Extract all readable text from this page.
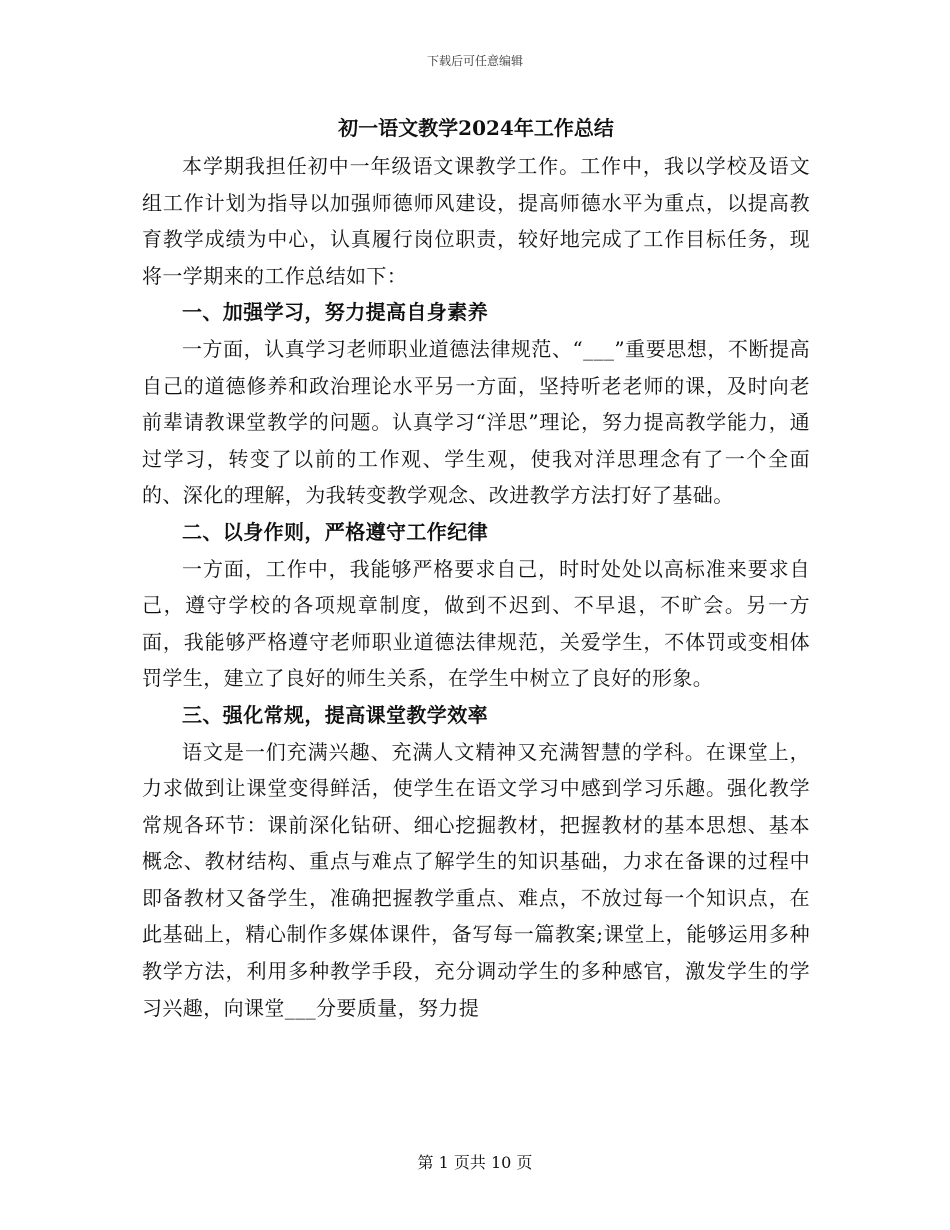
下载后可任意编辑
初一语文教学2024年工作总结

本学期我担任初中一年级语文课教学工作。工作中，我以学校及语文组工作计划为指导以加强师德师风建设，提高师德水平为重点，以提高教育教学成绩为中心，认真履行岗位职责，较好地完成了工作目标任务，现将一学期来的工作总结如下：

一、加强学习，努力提高自身素养

一方面，认真学习老师职业道德法律规范、“___”重要思想，不断提高自己的道德修养和政治理论水平另一方面，坚持听老老师的课，及时向老前辈请教课堂教学的问题。认真学习“洋思”理论，努力提高教学能力，通过学习，转变了以前的工作观、学生观，使我对洋思理念有了一个全面的、深化的理解，为我转变教学观念、改进教学方法打好了基础。

二、以身作则，严格遵守工作纪律

一方面，工作中，我能够严格要求自己，时时处处以高标准来要求自己，遵守学校的各项规章制度，做到不迟到、不早退，不旷会。另一方面，我能够严格遵守老师职业道德法律规范，关爱学生，不体罚或变相体罚学生，建立了良好的师生关系，在学生中树立了良好的形象。

三、强化常规，提高课堂教学效率

语文是一们充满兴趣、充满人文精神又充满智慧的学科。在课堂上，力求做到让课堂变得鲜活，使学生在语文学习中感到学习乐趣。强化教学常规各环节：课前深化钻研、细心挖掘教材，把握教材的基本思想、基本概念、教材结构、重点与难点了解学生的知识基础，力求在备课的过程中即备教材又备学生，准确把握教学重点、难点，不放过每一个知识点，在此基础上，精心制作多媒体课件，备写每一篇教案;课堂上，能够运用多种教学方法，利用多种教学手段，充分调动学生的多种感官，激发学生的学习兴趣，向课堂___分要质量，努力提

第 1 页共 10 页
